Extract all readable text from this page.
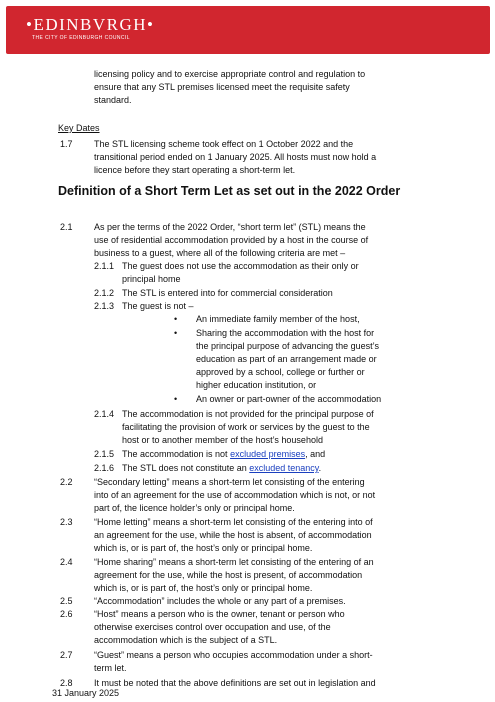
•EDINBVRGH•
THE CITY OF EDINBURGH COUNCIL
licensing policy and to exercise appropriate control and regulation to
ensure that any STL premises licensed meet the requisite safety
standard.
Key Dates
1.7 The STL licensing scheme took effect on 1 October 2022 and the
transitional period ended on 1 January 2025. All hosts must now hold a
licence before they start operating a short-term let.
Definition of a Short Term Let as set out in the 2022 Order
2.1 As per the terms of the 2022 Order, “short term let” (STL) means the
use of residential accommodation provided by a host in the course of
business to a guest, where all of the following criteria are met –
2.1.1 The guest does not use the accommodation as their only or
principal home
2.1.2 The STL is entered into for commercial consideration
2.1.3 The guest is not –
• An immediate family member of the host,
• Sharing the accommodation with the host for
the principal purpose of advancing the guest’s
education as part of an arrangement made or
approved by a school, college or further or
higher education institution, or
• An owner or part-owner of the accommodation
2.1.4 The accommodation is not provided for the principal purpose of
facilitating the provision of work or services by the guest to the
host or to another member of the host’s household
2.1.5 The accommodation is not excluded premises, and
2.1.6 The STL does not constitute an excluded tenancy.
2.2 “Secondary letting” means a short-term let consisting of the entering
into of an agreement for the use of accommodation which is not, or not
part of, the licence holder’s only or principal home.
2.3 “Home letting” means a short-term let consisting of the entering into of
an agreement for the use, while the host is absent, of accommodation
which is, or is part of, the host’s only or principal home.
2.4 “Home sharing” means a short-term let consisting of the entering of an
agreement for the use, while the host is present, of accommodation
which is, or is part of, the host’s only or principal home.
2.5 “Accommodation” includes the whole or any part of a premises.
2.6 “Host” means a person who is the owner, tenant or person who
otherwise exercises control over occupation and use, of the
accommodation which is the subject of a STL.
2.7 “Guest” means a person who occupies accommodation under a short-
term let.
2.8 It must be noted that the above definitions are set out in legislation and
31 January 2025
